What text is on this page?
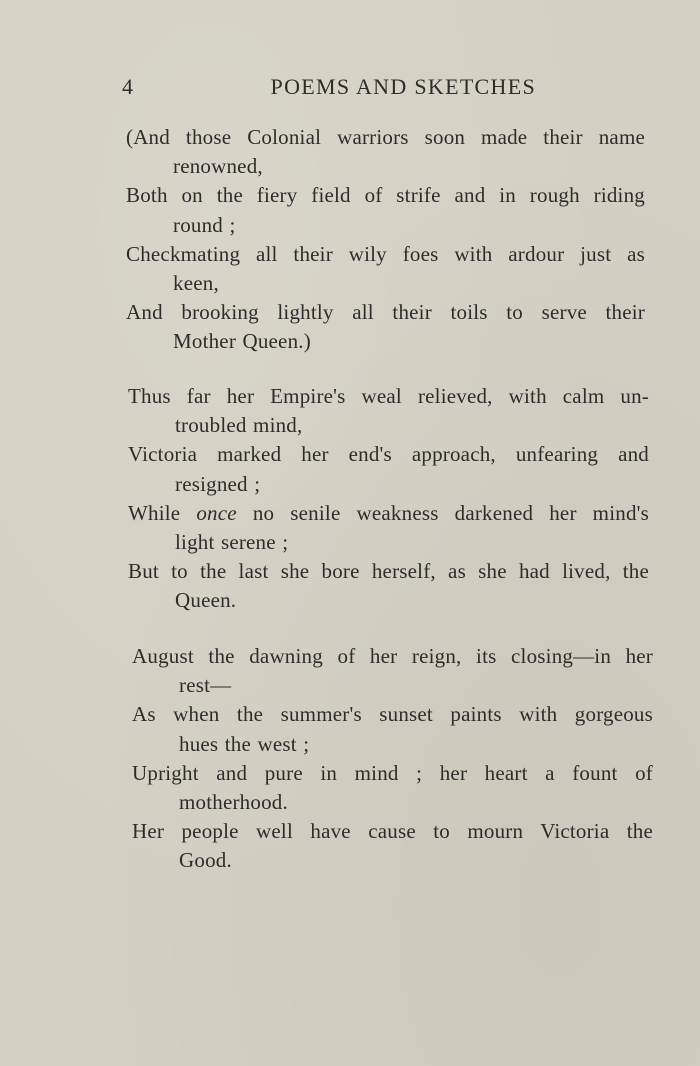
4	POEMS AND SKETCHES
(And those Colonial warriors soon made their name
renowned,
Both on the fiery field of strife and in rough riding
round ;
Checkmating all their wily foes with ardour just as
keen,
And brooking lightly all their toils to serve their
Mother Queen.)
Thus far her Empire's weal relieved, with calm un-
troubled mind,
Victoria marked her end's approach, unfearing and
resigned ;
While once no senile weakness darkened her mind's
light serene ;
But to the last she bore herself, as she had lived, the
Queen.
August the dawning of her reign, its closing—in her
rest—
As when the summer's sunset paints with gorgeous
hues the west ;
Upright and pure in mind ; her heart a fount of
motherhood.
Her people well have cause to mourn Victoria the
Good.
